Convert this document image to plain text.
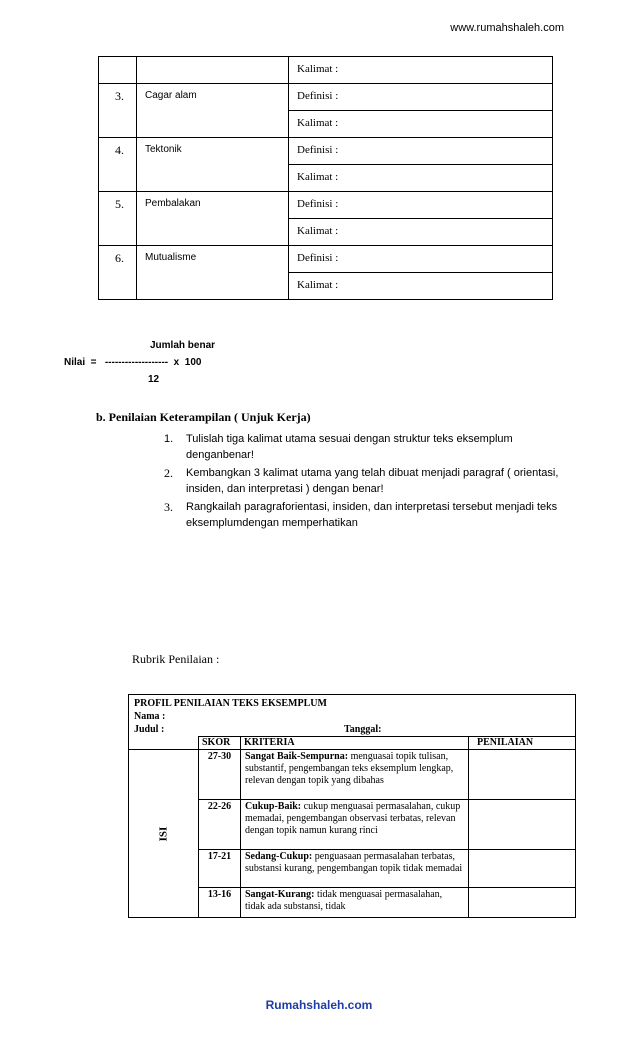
www.rumahshaleh.com
		Kalimat :
3.	Cagar alam	Definisi :
		Kalimat :
4.	Tektonik	Definisi :
		Kalimat :
5.	Pembalakan	Definisi :
		Kalimat :
6.	Mutualisme	Definisi :
		Kalimat :
Jumlah benar
Nilai  =   -------------------  x  100
12
b. Penilaian Keterampilan ( Unjuk Kerja)
1. Tulislah tiga kalimat utama sesuai dengan struktur teks eksemplum denganbenar!
2. Kembangkan 3 kalimat utama yang telah dibuat menjadi paragraf ( orientasi, insiden, dan interpretasi ) dengan benar!
3. Rangkailah paragraforientasi, insiden, dan interpretasi tersebut menjadi teks eksemplumdengan memperhatikan
Rubrik Penilaian :
PROFIL PENILAIAN TEKS EKSEMPLUM
Nama :
Judul : Tanggal:			

	SKOR	KRITERIA	PENILAIAN
ISI	27-30	Sangat Baik-Sempurna: menguasai topik tulisan, substantif, pengembangan teks eksemplum lengkap, relevan dengan topik yang dibahas	
	22-26	Cukup-Baik: cukup menguasai permasalahan, cukup memadai, pengembangan observasi terbatas, relevan dengan topik namun kurang rinci	
	17-21	Sedang-Cukup: penguasaan permasalahan terbatas, substansi kurang, pengembangan topik tidak memadai	
	13-16	Sangat-Kurang: tidak menguasai permasalahan, tidak ada substansi, tidak	
Rumahshaleh.com
